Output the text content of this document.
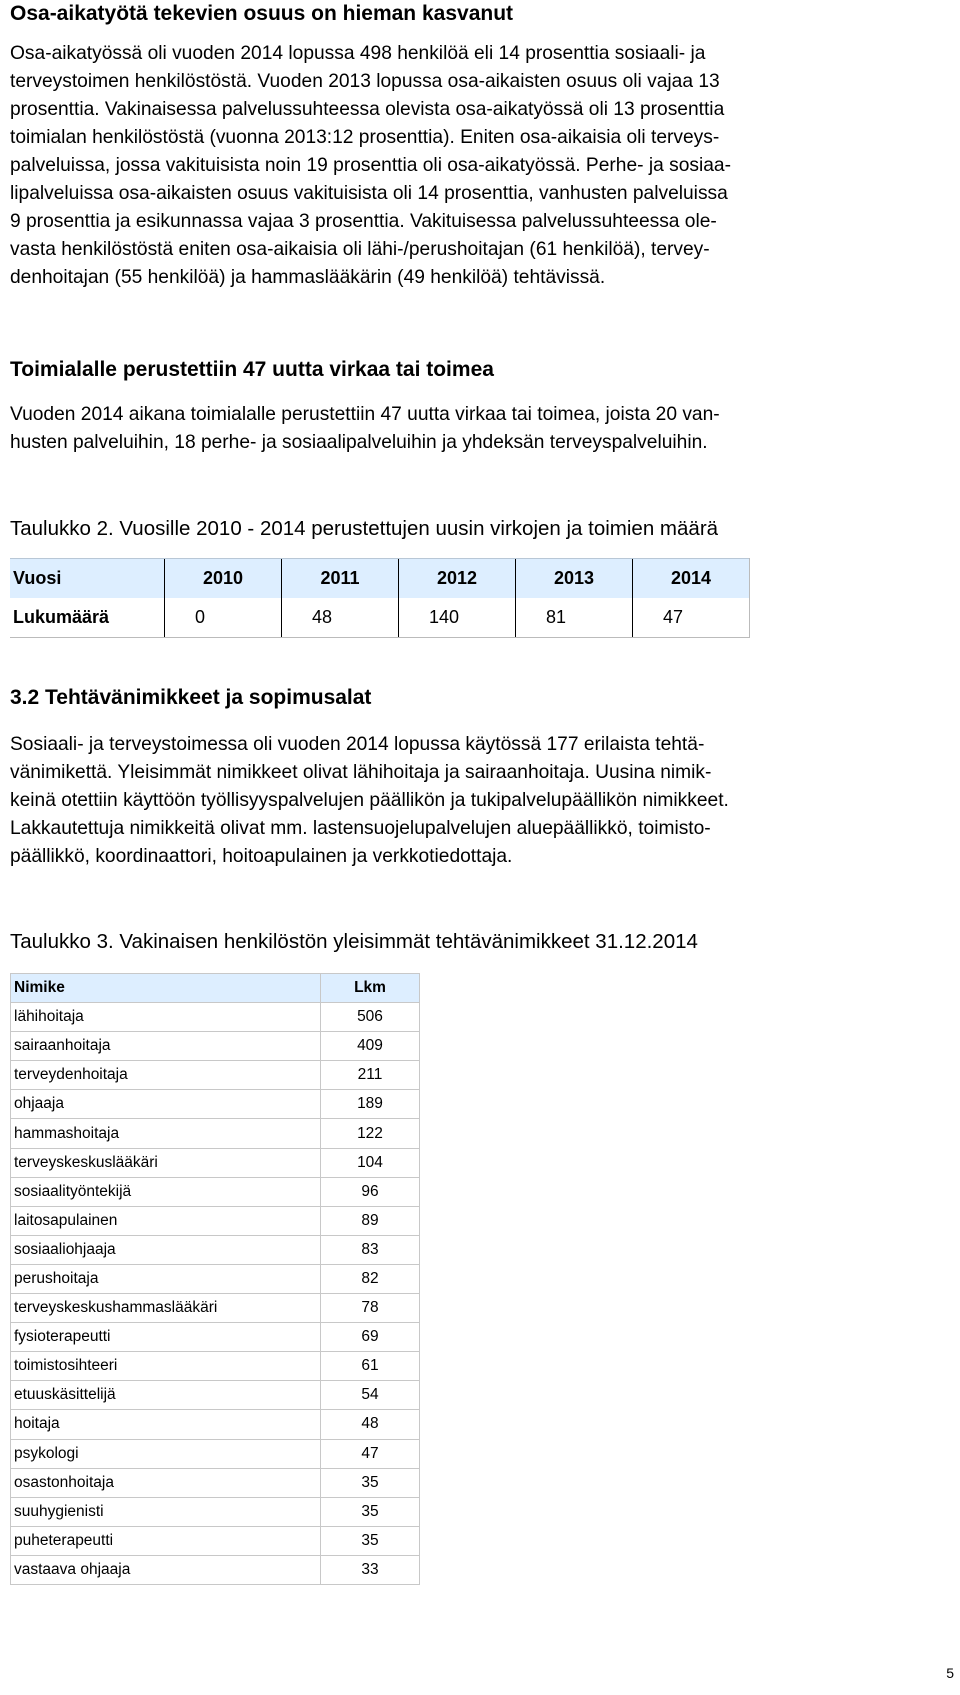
Osa-aikatyötä tekevien osuus on hieman kasvanut
Osa-aikatyössä oli vuoden 2014 lopussa 498 henkilöä eli 14 prosenttia sosiaali- ja
terveystoimen henkilöstöstä. Vuoden 2013 lopussa osa-aikaisten osuus oli vajaa 13
prosenttia. Vakinaisessa palvelussuhteessa olevista osa-aikatyössä oli 13 prosenttia
toimialan henkilöstöstä (vuonna 2013:12 prosenttia). Eniten osa-aikaisia oli terveys-
palveluissa, jossa vakituisista noin 19 prosenttia oli osa-aikatyössä. Perhe- ja sosiaa-
lipalveluissa osa-aikaisten osuus vakituisista oli 14 prosenttia, vanhusten palveluissa
9 prosenttia ja esikunnassa vajaa 3 prosenttia. Vakituisessa palvelussuhteessa ole-
vasta henkilöstöstä eniten osa-aikaisia oli lähi-/perushoitajan (61 henkilöä), tervey-
denhoitajan (55 henkilöä) ja hammaslääkärin (49 henkilöä) tehtävissä.
Toimialalle perustettiin 47 uutta virkaa tai toimea
Vuoden 2014 aikana toimialalle perustettiin 47 uutta virkaa tai toimea, joista 20 van-
husten palveluihin, 18 perhe- ja sosiaalipalveluihin ja yhdeksän terveyspalveluihin.
Taulukko 2. Vuosille 2010 - 2014 perustettujen uusin virkojen ja toimien määrä
Vuosi	2010	2011	2012	2013	2014
Lukumäärä	0	48	140	81	47
3.2 Tehtävänimikkeet ja sopimusalat
Sosiaali- ja terveystoimessa oli vuoden 2014 lopussa käytössä 177 erilaista tehtä-
vänimikettä. Yleisimmät nimikkeet olivat lähihoitaja ja sairaanhoitaja. Uusina nimik-
keinä otettiin käyttöön työllisyyspalvelujen päällikön ja tukipalvelupäällikön nimikkeet.
Lakkautettuja nimikkeitä olivat mm. lastensuojelupalvelujen aluepäällikkö, toimisto-
päällikkö, koordinaattori, hoitoapulainen ja verkkotiedottaja.
Taulukko 3. Vakinaisen henkilöstön yleisimmät tehtävänimikkeet 31.12.2014
Nimike	Lkm
lähihoitaja	506
sairaanhoitaja	409
terveydenhoitaja	211
ohjaaja	189
hammashoitaja	122
terveyskeskuslääkäri	104
sosiaalityöntekijä	96
laitosapulainen	89
sosiaaliohjaaja	83
perushoitaja	82
terveyskeskushammaslääkäri	78
fysioterapeutti	69
toimistosihteeri	61
etuuskäsittelijä	54
hoitaja	48
psykologi	47
osastonhoitaja	35
suuhygienisti	35
puheterapeutti	35
vastaava ohjaaja	33
5
